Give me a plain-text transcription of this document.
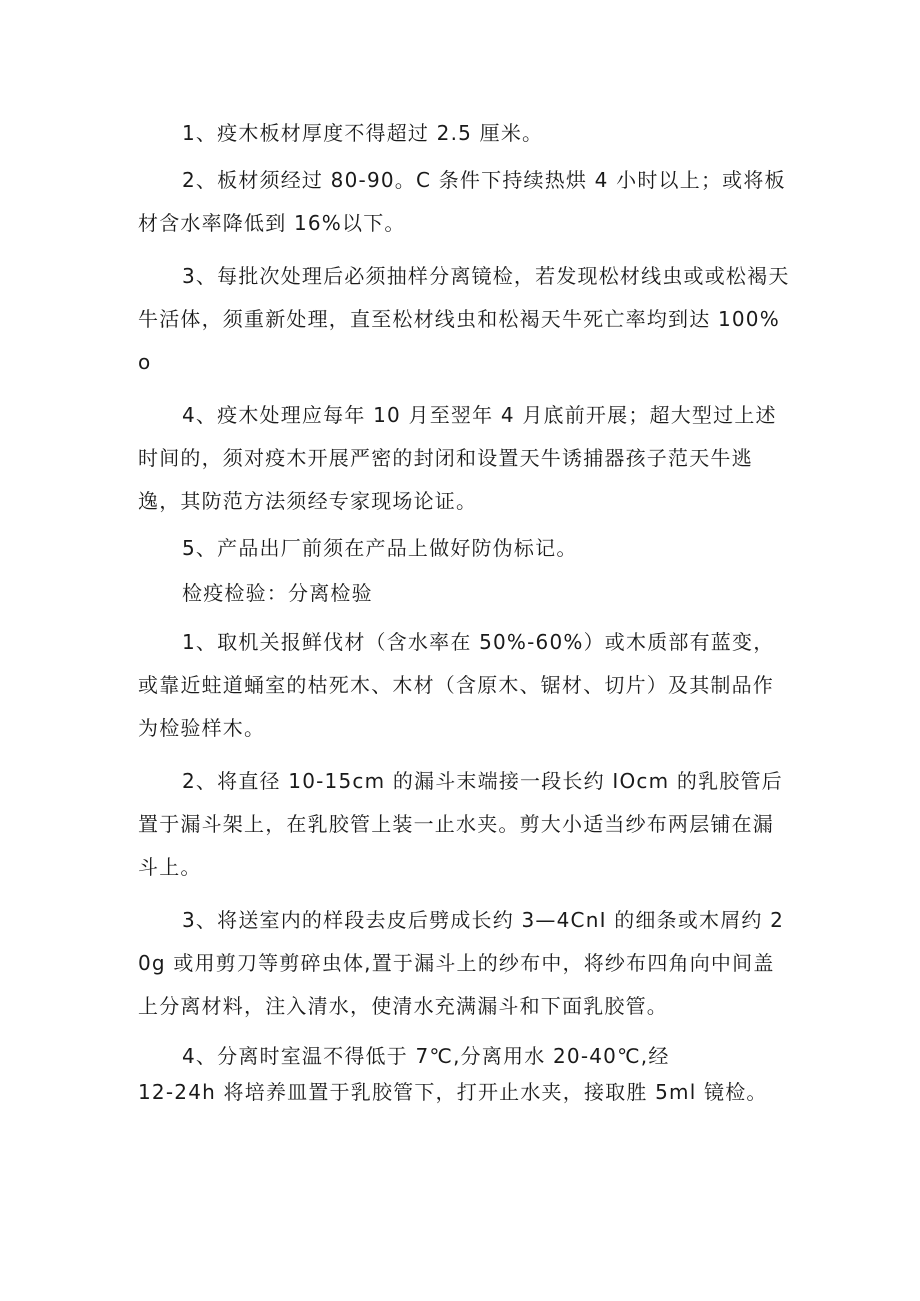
1、疫木板材厚度不得超过 2.5 厘米。

2、板材须经过 80-90。C 条件下持续热烘 4 小时以上；或将板材含水率降低到 16%以下。

3、每批次处理后必须抽样分离镜检，若发现松材线虫或或松褐天牛活体，须重新处理，直至松材线虫和松褐天牛死亡率均到达 100%o

4、疫木处理应每年 10 月至翌年 4 月底前开展；超大型过上述时间的，须对疫木开展严密的封闭和设置天牛诱捕器孩子范天牛逃逸，其防范方法须经专家现场论证。

5、产品出厂前须在产品上做好防伪标记。

检疫检验：分离检验

1、取机关报鲜伐材（含水率在 50%-60%）或木质部有蓝变，或靠近蛀道蛹室的枯死木、木材（含原木、锯材、切片）及其制品作为检验样木。

2、将直径 10-15cm 的漏斗末端接一段长约 IOcm 的乳胶管后置于漏斗架上，在乳胶管上装一止水夹。剪大小适当纱布两层铺在漏斗上。

3、将送室内的样段去皮后劈成长约 3—4CnI 的细条或木屑约 20g 或用剪刀等剪碎虫体,置于漏斗上的纱布中，将纱布四角向中间盖上分离材料，注入清水，使清水充满漏斗和下面乳胶管。

4、分离时室温不得低于 7℃,分离用水 20-40℃,经
12-24h 将培养皿置于乳胶管下，打开止水夹，接取胜 5ml 镜检。
